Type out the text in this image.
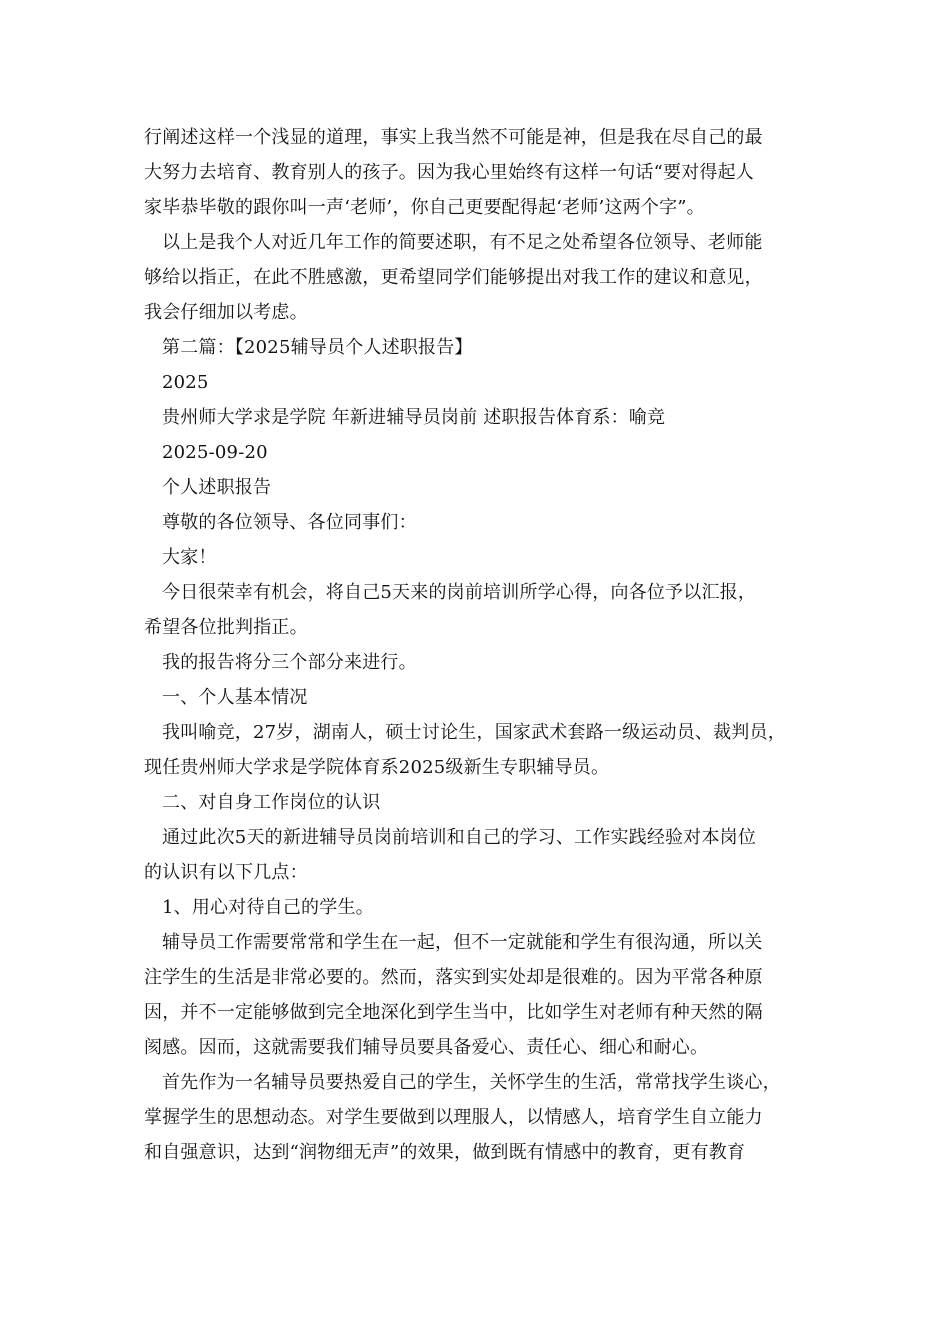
行阐述这样一个浅显的道理，事实上我当然不可能是神，但是我在尽自己的最
大努力去培育、教育别人的孩子。因为我心里始终有这样一句话“要对得起人
家毕恭毕敬的跟你叫一声‘老师’，你自己更要配得起‘老师’这两个字”。
以上是我个人对近几年工作的简要述职，有不足之处希望各位领导、老师能
够给以指正，在此不胜感激，更希望同学们能够提出对我工作的建议和意见，
我会仔细加以考虑。
第二篇：【2025辅导员个人述职报告】
2025
贵州师大学求是学院 年新进辅导员岗前 述职报告体育系：喻竞
2025-09-20
个人述职报告
尊敬的各位领导、各位同事们：
大家！
今日很荣幸有机会，将自己5天来的岗前培训所学心得，向各位予以汇报，
希望各位批判指正。
我的报告将分三个部分来进行。
一、个人基本情况
我叫喻竞，27岁，湖南人，硕士讨论生，国家武术套路一级运动员、裁判员，
现任贵州师大学求是学院体育系2025级新生专职辅导员。
二、对自身工作岗位的认识
通过此次5天的新进辅导员岗前培训和自己的学习、工作实践经验对本岗位
的认识有以下几点：
1、用心对待自己的学生。
辅导员工作需要常常和学生在一起，但不一定就能和学生有很沟通，所以关
注学生的生活是非常必要的。然而，落实到实处却是很难的。因为平常各种原
因，并不一定能够做到完全地深化到学生当中，比如学生对老师有种天然的隔
阂感。因而，这就需要我们辅导员要具备爱心、责任心、细心和耐心。
首先作为一名辅导员要热爱自己的学生，关怀学生的生活，常常找学生谈心，
掌握学生的思想动态。对学生要做到以理服人，以情感人，培育学生自立能力
和自强意识，达到“润物细无声”的效果，做到既有情感中的教育，更有教育
